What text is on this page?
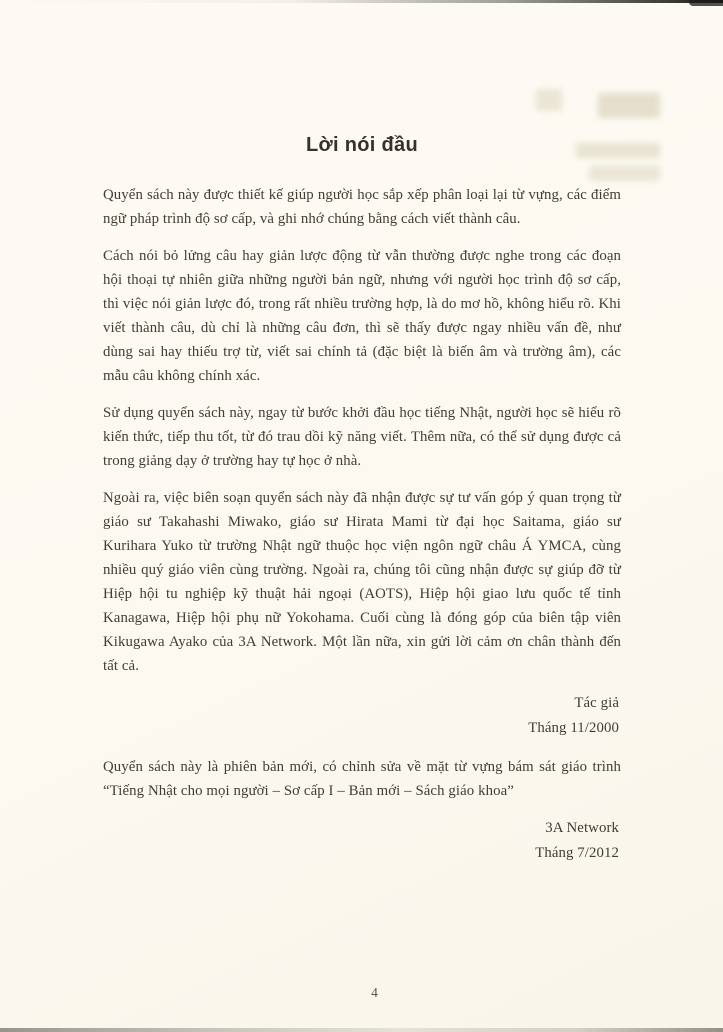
Lời nói đầu

Quyển sách này được thiết kế giúp người học sắp xếp phân loại lại từ vựng, các điểm ngữ pháp trình độ sơ cấp, và ghi nhớ chúng bằng cách viết thành câu.

Cách nói bỏ lửng câu hay giản lược động từ vẫn thường được nghe trong các đoạn hội thoại tự nhiên giữa những người bản ngữ, nhưng với người học trình độ sơ cấp, thì việc nói giản lược đó, trong rất nhiều trường hợp, là do mơ hồ, không hiểu rõ. Khi viết thành câu, dù chỉ là những câu đơn, thì sẽ thấy được ngay nhiều vấn đề, như dùng sai hay thiếu trợ từ, viết sai chính tả (đặc biệt là biến âm và trường âm), các mẫu câu không chính xác.

Sử dụng quyển sách này, ngay từ bước khởi đầu học tiếng Nhật, người học sẽ hiểu rõ kiến thức, tiếp thu tốt, từ đó trau dồi kỹ năng viết. Thêm nữa, có thể sử dụng được cả trong giảng dạy ở trường hay tự học ở nhà.

Ngoài ra, việc biên soạn quyển sách này đã nhận được sự tư vấn góp ý quan trọng từ giáo sư Takahashi Miwako, giáo sư Hirata Mami từ đại học Saitama, giáo sư Kurihara Yuko từ trường Nhật ngữ thuộc học viện ngôn ngữ châu Á YMCA, cùng nhiều quý giáo viên cùng trường. Ngoài ra, chúng tôi cũng nhận được sự giúp đỡ từ Hiệp hội tu nghiệp kỹ thuật hải ngoại (AOTS), Hiệp hội giao lưu quốc tế tỉnh Kanagawa, Hiệp hội phụ nữ Yokohama. Cuối cùng là đóng góp của biên tập viên Kikugawa Ayako của 3A Network. Một lần nữa, xin gửi lời cảm ơn chân thành đến tất cả.

Tác giả
Tháng 11/2000

Quyển sách này là phiên bản mới, có chỉnh sửa về mặt từ vựng bám sát giáo trình “Tiếng Nhật cho mọi người – Sơ cấp I – Bản mới – Sách giáo khoa”

3A Network
Tháng 7/2012
4
